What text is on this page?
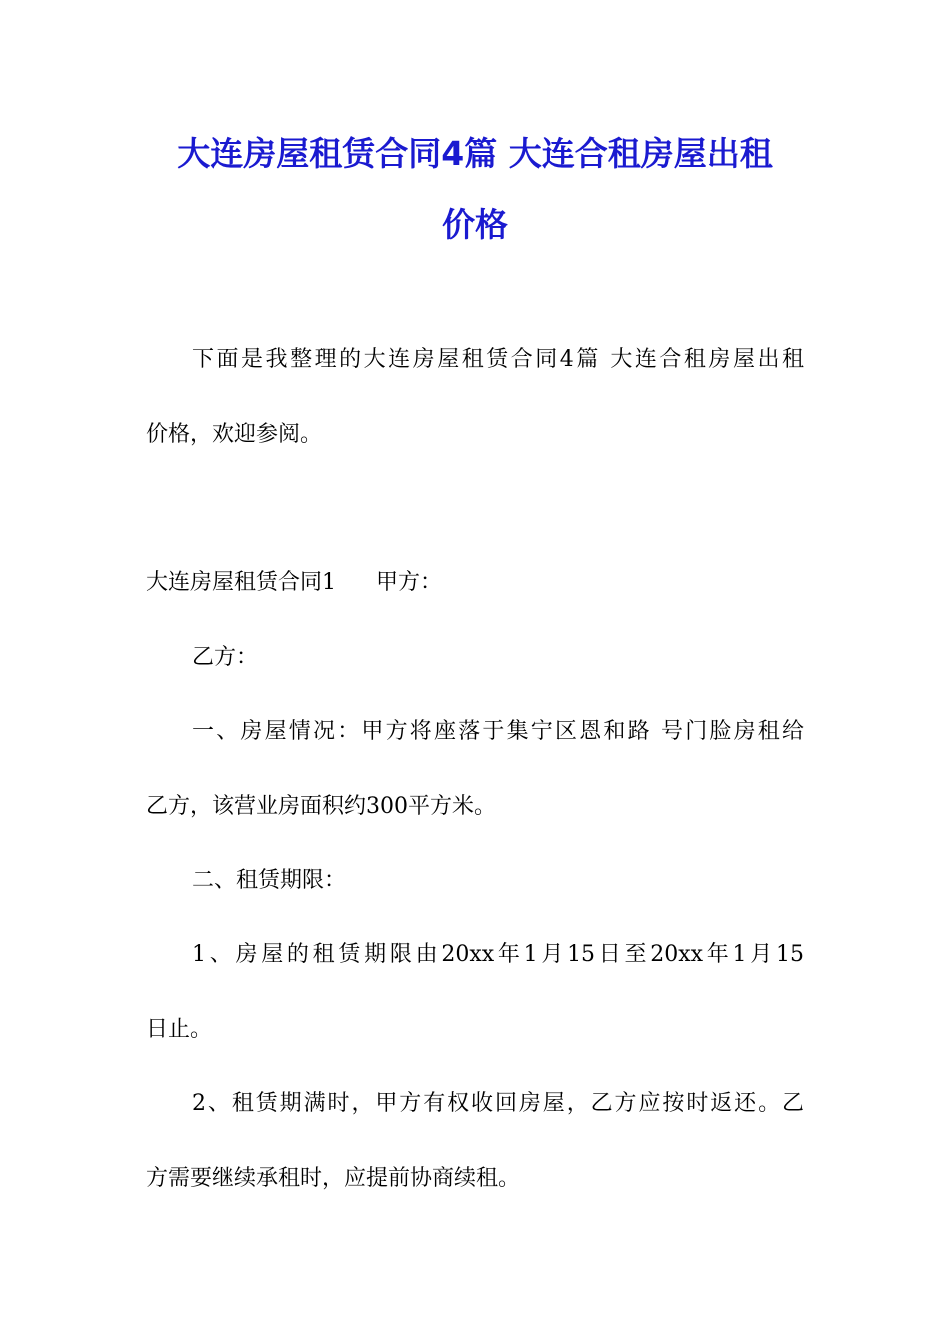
大连房屋租赁合同4篇 大连合租房屋出租
价格
下面是我整理的大连房屋租赁合同4篇 大连合租房屋出租
价格，欢迎参阅。
大连房屋租赁合同1 甲方：
乙方：
一、房屋情况：甲方将座落于集宁区恩和路 号门脸房租给
乙方，该营业房面积约300平方米。
二、租赁期限：
1、房屋的租赁期限由20xx年1月15日至20xx年1月15
日止。
2、租赁期满时，甲方有权收回房屋，乙方应按时返还。乙
方需要继续承租时，应提前协商续租。
